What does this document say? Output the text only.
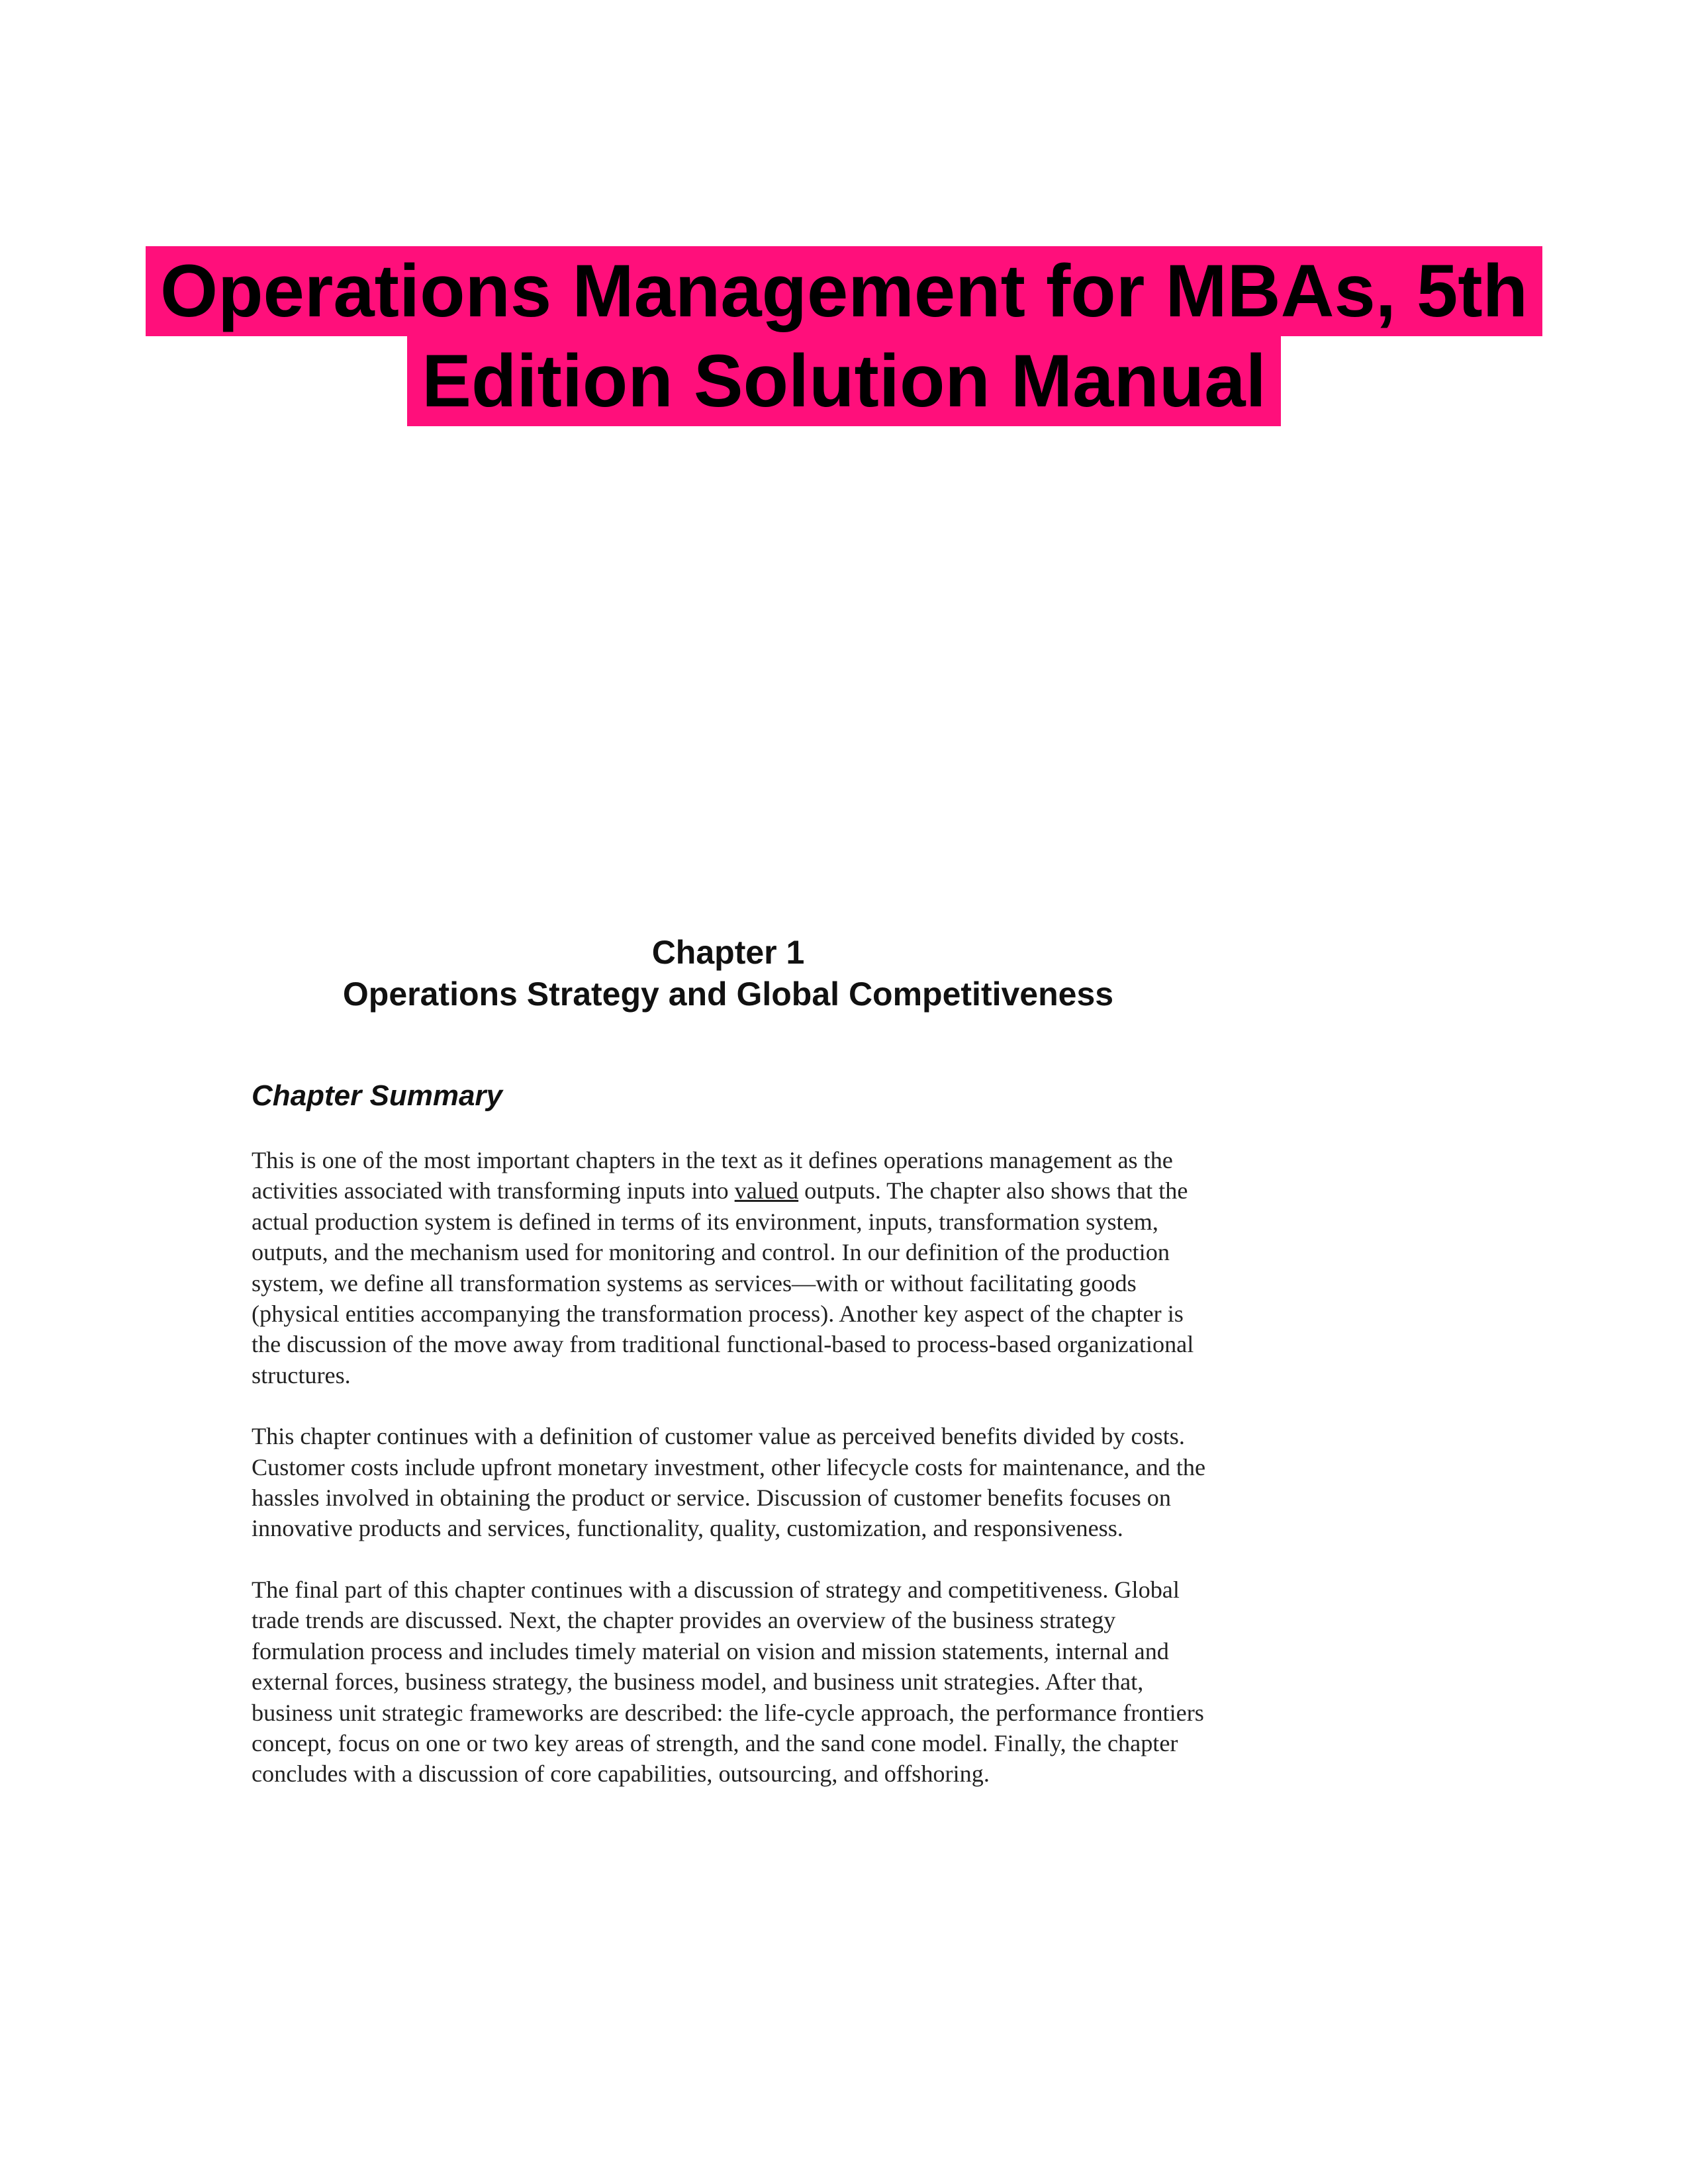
Operations Management for MBAs, 5th
Edition Solution Manual
Chapter 1
Operations Strategy and Global Competitiveness
Chapter Summary

This is one of the most important chapters in the text as it defines operations management as the activities associated with transforming inputs into valued outputs. The chapter also shows that the actual production system is defined in terms of its environment, inputs, transformation system, outputs, and the mechanism used for monitoring and control. In our definition of the production system, we define all transformation systems as services—with or without facilitating goods (physical entities accompanying the transformation process). Another key aspect of the chapter is the discussion of the move away from traditional functional-based to process-based organizational structures.

This chapter continues with a definition of customer value as perceived benefits divided by costs. Customer costs include upfront monetary investment, other lifecycle costs for maintenance, and the hassles involved in obtaining the product or service. Discussion of customer benefits focuses on innovative products and services, functionality, quality, customization, and responsiveness.

The final part of this chapter continues with a discussion of strategy and competitiveness. Global trade trends are discussed. Next, the chapter provides an overview of the business strategy formulation process and includes timely material on vision and mission statements, internal and external forces, business strategy, the business model, and business unit strategies. After that, business unit strategic frameworks are described: the life-cycle approach, the performance frontiers concept, focus on one or two key areas of strength, and the sand cone model. Finally, the chapter concludes with a discussion of core capabilities, outsourcing, and offshoring.
